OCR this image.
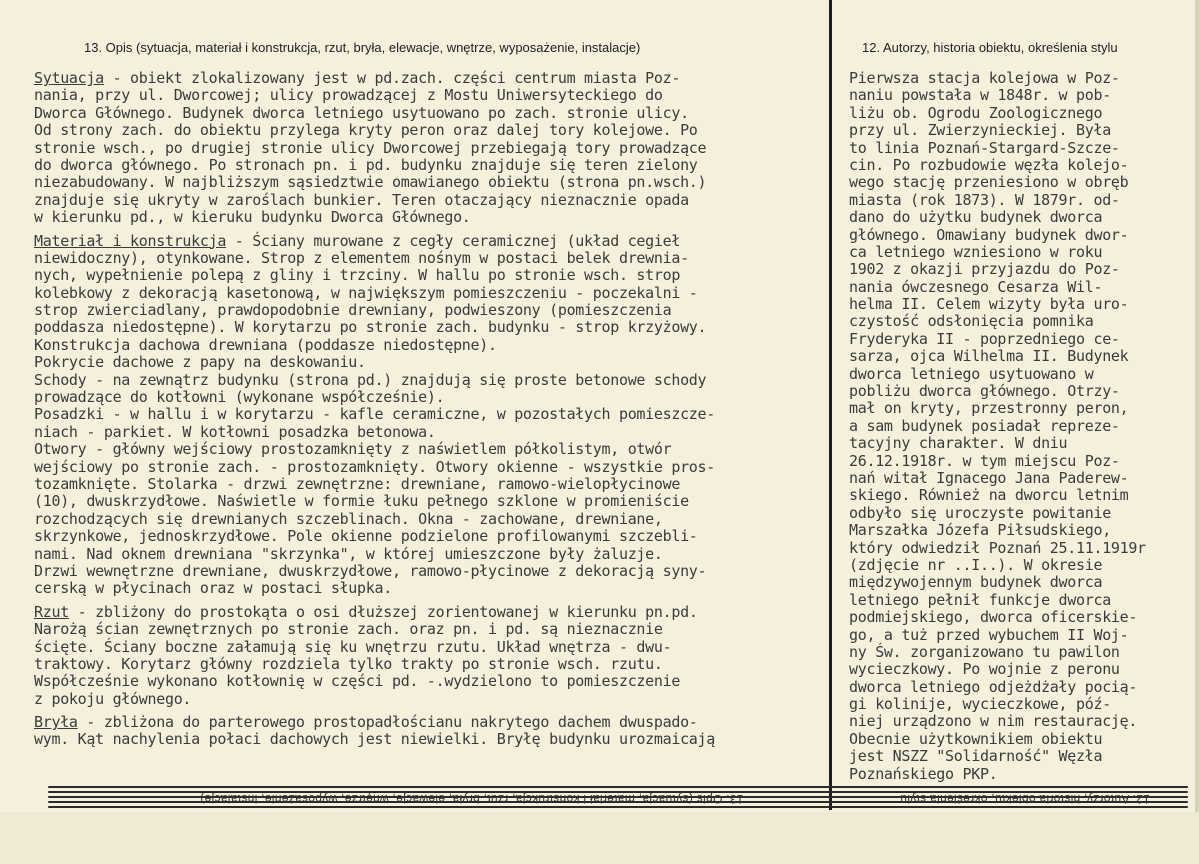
13. Opis (sytuacja, materiał i konstrukcja, rzut, bryła, elewacje, wnętrze, wyposażenie, instalacje)	12. Autorzy, historia obiektu, określenia stylu
Sytuacja - obiekt zlokalizowany jest w pd.zach. części centrum miasta Poz-
nania, przy ul. Dworcowej; ulicy prowadzącej z Mostu Uniwersyteckiego do
Dworca Głównego. Budynek dworca letniego usytuowano po zach. stronie ulicy.
Od strony zach. do obiektu przylega kryty peron oraz dalej tory kolejowe. Po
stronie wsch., po drugiej stronie ulicy Dworcowej przebiegają tory prowadzące
do dworca głównego. Po stronach pn. i pd. budynku znajduje się teren zielony
niezabudowany. W najbliższym sąsiedztwie omawianego obiektu (strona pn.wsch.)
znajduje się ukryty w zaroślach bunkier. Teren otaczający nieznacznie opada
w kierunku pd., w kieruku budynku Dworca Głównego.
Materiał i konstrukcja - Ściany murowane z cegły ceramicznej (układ cegieł
niewidoczny), otynkowane. Strop z elementem nośnym w postaci belek drewnia-
nych, wypełnienie polepą z gliny i trzciny. W hallu po stronie wsch. strop
kolebkowy z dekoracją kasetonową, w największym pomieszczeniu - poczekalni -
strop zwierciadlany, prawdopodobnie drewniany, podwieszony (pomieszczenia
poddasza niedostępne). W korytarzu po stronie zach. budynku - strop krzyżowy.
Konstrukcja dachowa drewniana (poddasze niedostępne).
Pokrycie dachowe z papy na deskowaniu.
Schody - na zewnątrz budynku (strona pd.) znajdują się proste betonowe schody
prowadzące do kotłowni (wykonane współcześnie).
Posadzki - w hallu i w korytarzu - kafle ceramiczne, w pozostałych pomieszcze-
niach - parkiet. W kotłowni posadzka betonowa.
Otwory - główny wejściowy prostozamknięty z naświetlem półkolistym, otwór
wejściowy po stronie zach. - prostozamknięty. Otwory okienne - wszystkie pros-
tozamknięte. Stolarka - drzwi zewnętrzne: drewniane, ramowo-wielopłycinowe
(10), dwuskrzydłowe. Naświetle w formie łuku pełnego szklone w promieniście
rozchodzących się drewnianych szczeblinach. Okna - zachowane, drewniane,
skrzynkowe, jednoskrzydłowe. Pole okienne podzielone profilowanymi szczebli-
nami. Nad oknem drewniana "skrzynka", w której umieszczone były żaluzje.
Drzwi wewnętrzne drewniane, dwuskrzydłowe, ramowo-płycinowe z dekoracją syny-
cerską w płycinach oraz w postaci słupka.
Rzut - zbliżony do prostokąta o osi dłuższej zorientowanej w kierunku pn.pd.
Narożą ścian zewnętrznych po stronie zach. oraz pn. i pd. są nieznacznie
ścięte. Ściany boczne załamują się ku wnętrzu rzutu. Układ wnętrza - dwu-
traktowy. Korytarz główny rozdziela tylko trakty po stronie wsch. rzutu.
Współcześnie wykonano kotłownię w części pd. -.wydzielono to pomieszczenie
z pokoju głównego.
Bryła - zbliżona do parterowego prostopadłościanu nakrytego dachem dwuspado-
wym. Kąt nachylenia połaci dachowych jest niewielki. Bryłę budynku urozmaicają
Pierwsza stacja kolejowa w Poz-
naniu powstała w 1848r. w pob-
liżu ob. Ogrodu Zoologicznego
przy ul. Zwierzynieckiej. Była
to linia Poznań-Stargard-Szcze-
cin. Po rozbudowie węzła kolejo-
wego stację przeniesiono w obręb
miasta (rok 1873). W 1879r. od-
dano do użytku budynek dworca
głównego. Omawiany budynek dwor-
ca letniego wzniesiono w roku
1902 z okazji przyjazdu do Poz-
nania ówczesnego Cesarza Wil-
helma II. Celem wizyty była uro-
czystość odsłonięcia pomnika
Fryderyka II - poprzedniego ce-
sarza, ojca Wilhelma II. Budynek
dworca letniego usytuowano w
pobliżu dworca głównego. Otrzy-
mał on kryty, przestronny peron,
a sam budynek posiadał repreze-
tacyjny charakter. W dniu
26.12.1918r. w tym miejscu Poz-
nań witał Ignacego Jana Paderew-
skiego. Również na dworcu letnim
odbyło się uroczyste powitanie
Marszałka Józefa Piłsudskiego,
który odwiedził Poznań 25.11.1919r
(zdjęcie nr ..I..). W okresie
międzywojennym budynek dworca
letniego pełnił funkcje dworca
podmiejskiego, dworca oficerskie-
go, a tuż przed wybuchem II Woj-
ny Św. zorganizowano tu pawilon
wycieczkowy. Po wojnie z peronu
dworca letniego odjeżdżały pocią-
gi kolinije, wycieczkowe, póź-
niej urządzono w nim restaurację.
Obecnie użytkownikiem obiektu
jest NSZZ "Solidarność" Węzła
Poznańskiego PKP.
13. Opis (sytuacja, materiał i konstrukcja, rzut, bryła, elewacje, wnętrze, wyposażenie, instalacje)	12. Autorzy, historia obiektu, określenia stylu
